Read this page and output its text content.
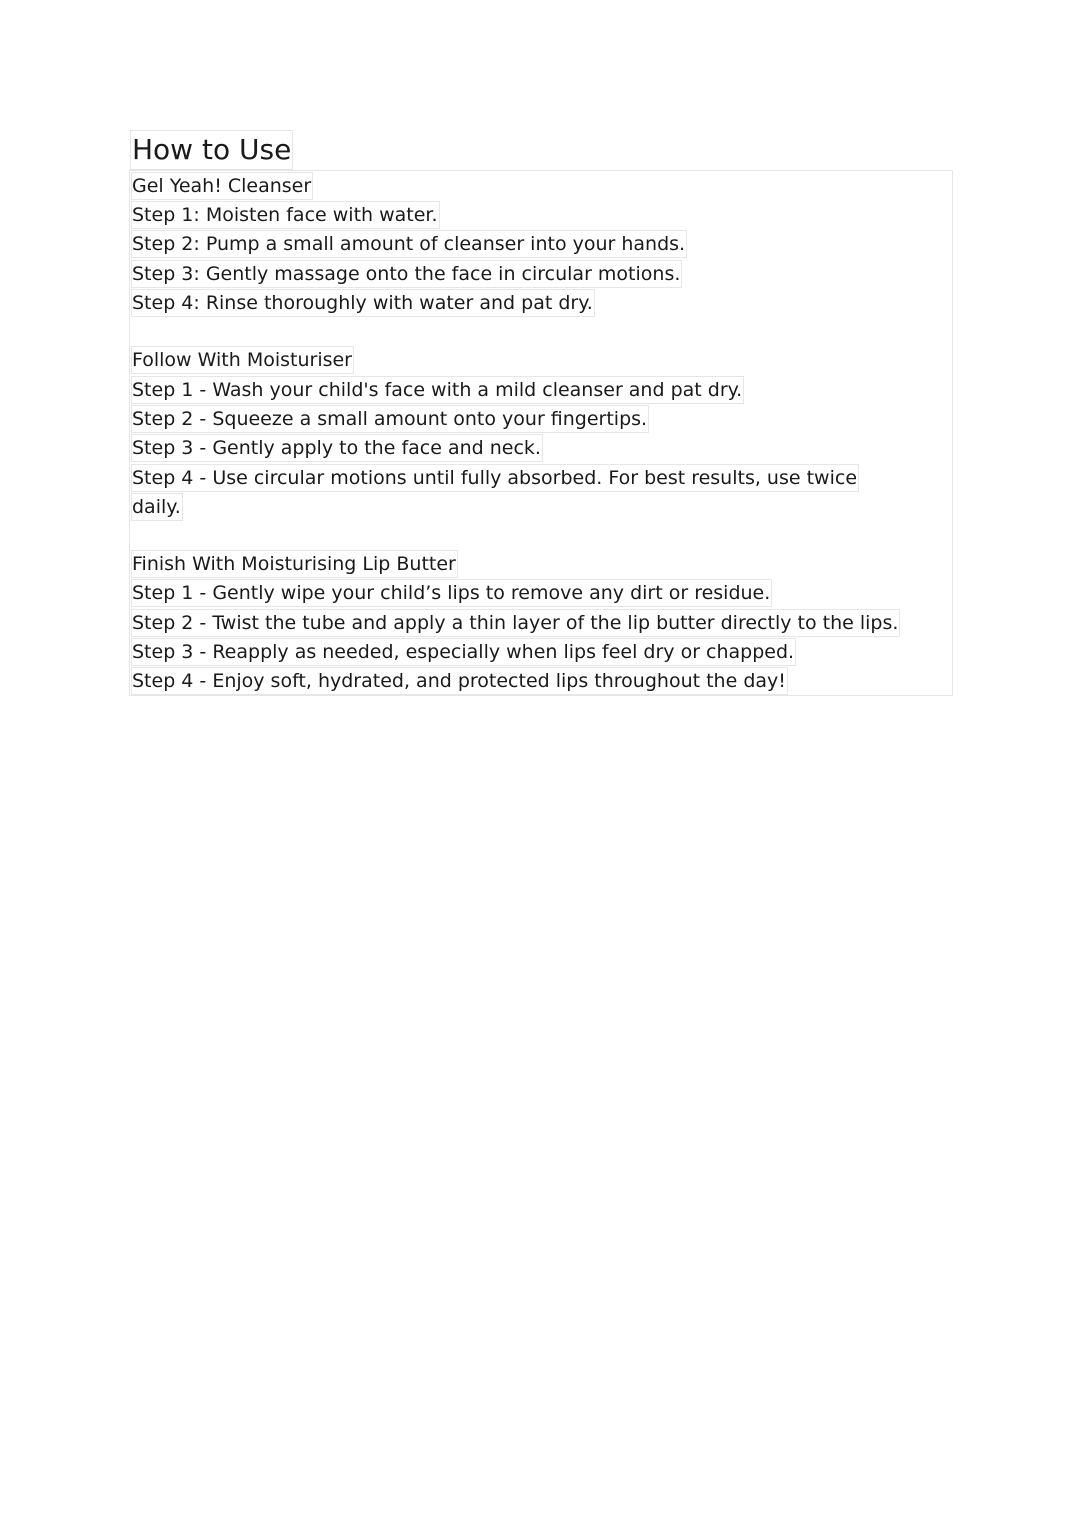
How to Use
Gel Yeah! Cleanser
Step 1: Moisten face with water.
Step 2: Pump a small amount of cleanser into your hands.
Step 3: Gently massage onto the face in circular motions.
Step 4: Rinse thoroughly with water and pat dry.
Follow With Moisturiser
Step 1 - Wash your child's face with a mild cleanser and pat dry.
Step 2 - Squeeze a small amount onto your fingertips.
Step 3 - Gently apply to the face and neck.
Step 4 - Use circular motions until fully absorbed. For best results, use twice
daily.
Finish With Moisturising Lip Butter
Step 1 - Gently wipe your child’s lips to remove any dirt or residue.
Step 2 - Twist the tube and apply a thin layer of the lip butter directly to the lips.
Step 3 - Reapply as needed, especially when lips feel dry or chapped.
Step 4 - Enjoy soft, hydrated, and protected lips throughout the day!
